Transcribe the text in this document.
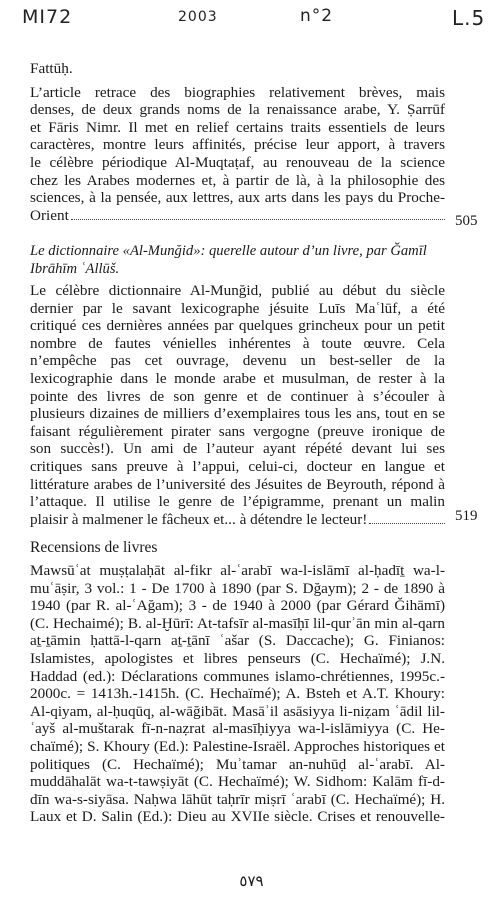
MI72	2003	n°2	L.5

Fattūḥ.

L’article retrace des biographies relativement brèves, mais
denses, de deux grands noms de la renaissance arabe, Y. Ṣarrūf
et Fāris Nimr. Il met en relief certains traits essentiels de leurs
caractères, montre leurs affinités, précise leur apport, à travers
le célèbre périodique Al-Muqtaṭaf, au renouveau de la science
chez les Arabes modernes et, à partir de là, à la philosophie des
sciences, à la pensée, aux lettres, aux arts dans les pays du Proche-
Orient	505

Le dictionnaire «Al-Munğid»: querelle autour d’un livre, par Ğamīl
Ibrāhīm ʿAllūš.

Le célèbre dictionnaire Al-Munğid, publié au début du siècle
dernier par le savant lexicographe jésuite Luīs Maʿlūf, a été
critiqué ces dernières années par quelques grincheux pour un petit
nombre de fautes vénielles inhérentes à toute œuvre. Cela
n’empêche pas cet ouvrage, devenu un best-seller de la
lexicographie dans le monde arabe et musulman, de rester à la
pointe des livres de son genre et de continuer à s’écouler à
plusieurs dizaines de milliers d’exemplaires tous les ans, tout en se
faisant régulièrement pirater sans vergogne (preuve ironique de
son succès!). Un ami de l’auteur ayant répété devant lui ses
critiques sans preuve à l’appui, celui-ci, docteur en langue et
littérature arabes de l’université des Jésuites de Beyrouth, répond à
l’attaque. Il utilise le genre de l’épigramme, prenant un malin
plaisir à malmener le fâcheux et... à détendre le lecteur!	519
Recensions de livres

Mawsūʿat muṣṭalaḥāt al-fikr al-ʿarabī wa-l-islāmī al-ḥadīṯ wa-l-
muʿāṣir, 3 vol.: 1 - De 1700 à 1890 (par S. Dğaym); 2 - de 1890 à
1940 (par R. al-ʿAğam); 3 - de 1940 à 2000 (par Gérard Ğihāmī)
(C. Hechaimé); B. al-Ḫūrī: At-tafsīr al-masīḥī lil-qurʾān min al-qarn
aṯ-ṯāmin ḥattā-l-qarn aṯ-ṯānī ʿašar (S. Daccache); G. Finianos:
Islamistes, apologistes et libres penseurs (C. Hechaïmé); J.N.
Haddad (ed.): Déclarations communes islamo-chrétiennes, 1995c.-
2000c. = 1413h.-1415h. (C. Hechaïmé); A. Bsteh et A.T. Khoury:
Al-qiyam, al-ḥuqūq, al-wāğibāt. Masāʾil asāsiyya li-niẓam ʿādil lil-
ʿayš al-muštarak fī-n-naẓrat al-masīḥiyya wa-l-islāmiyya (C. He-
chaïmé); S. Khoury (Ed.): Palestine-Israël. Approches historiques et
politiques (C. Hechaïmé); Muʾtamar an-nuhūḍ al-ʿarabī. Al-
muddāhalāt wa-t-tawṣiyāt (C. Hechaïmé); W. Sidhom: Kalām fī-d-
dīn wa-s-siyāsa. Naḥwa lāhūt taḥrīr miṣrī ʿarabī (C. Hechaïmé); H.
Laux et D. Salin (Ed.): Dieu au XVIIe siècle. Crises et renouvelle-

٥٧٩
